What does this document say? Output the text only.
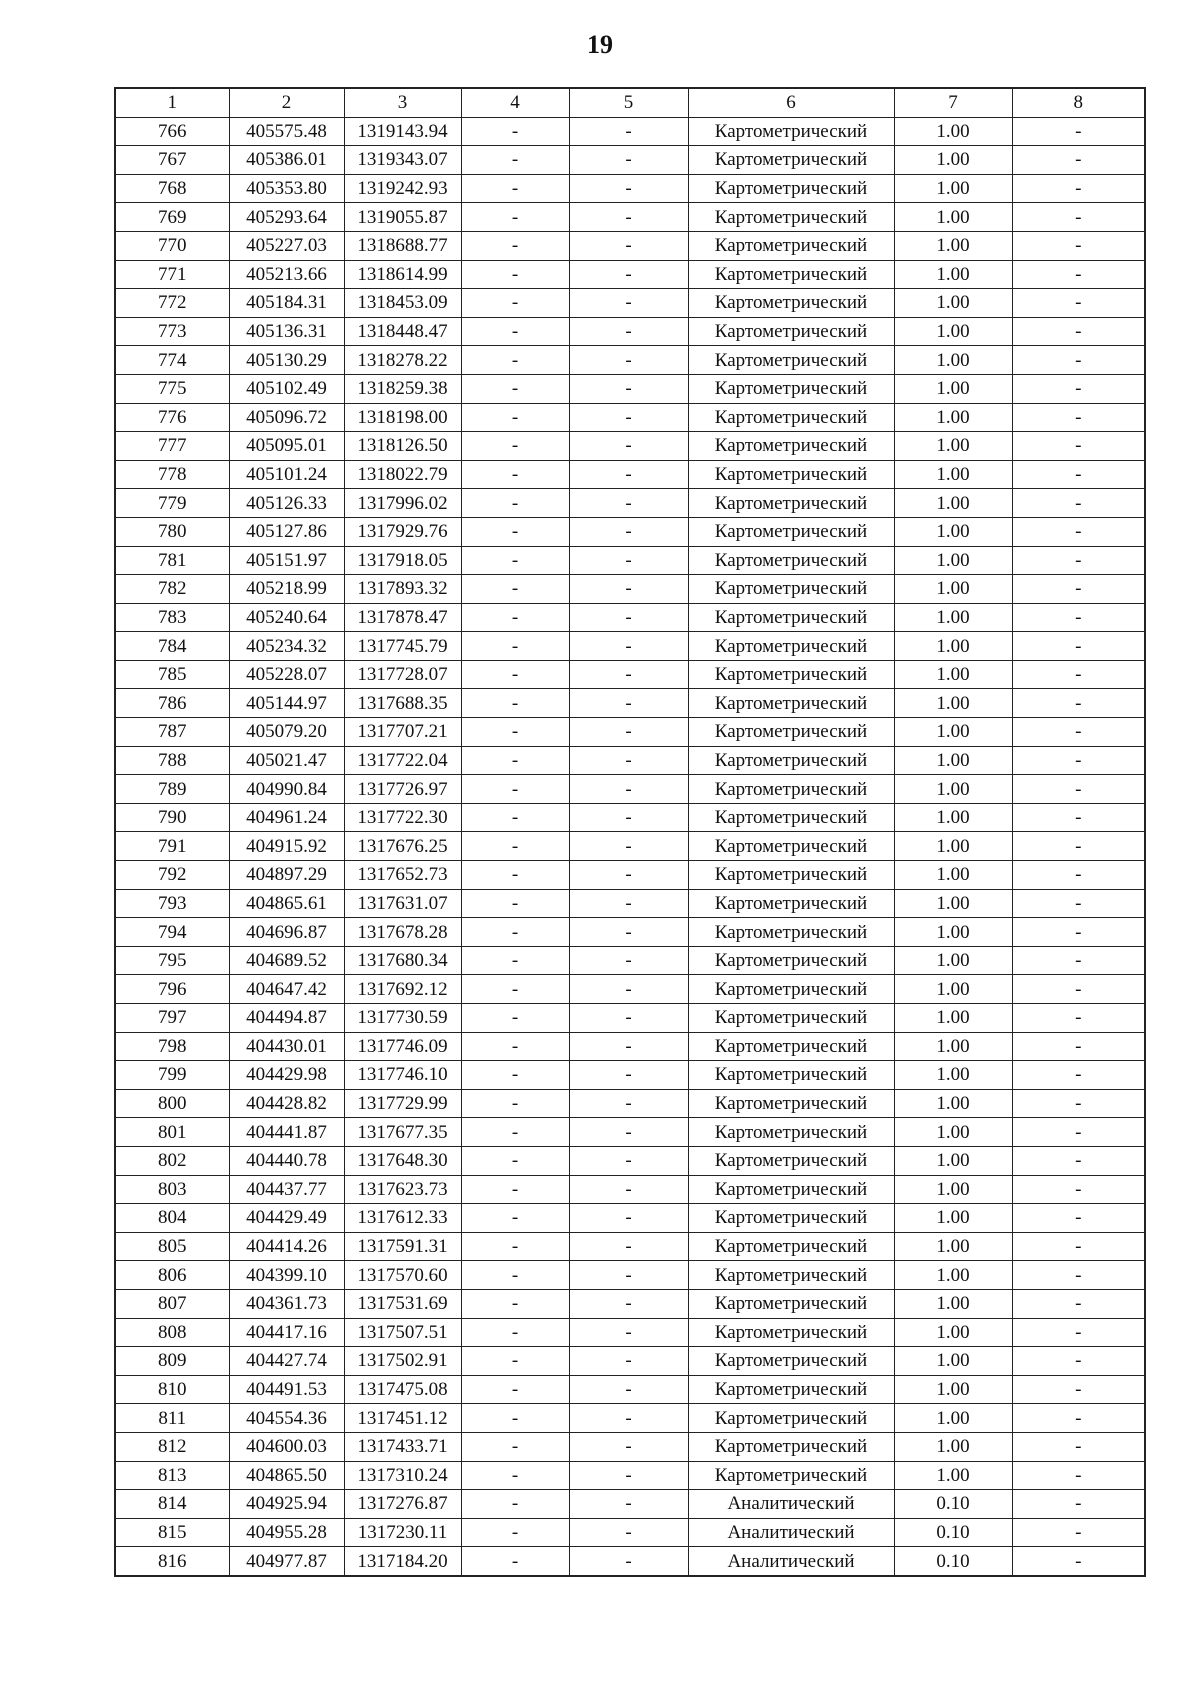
19
1	2	3	4	5	6	7	8
766	405575.48	1319143.94	-	-	Картометрический	1.00	-
767	405386.01	1319343.07	-	-	Картометрический	1.00	-
768	405353.80	1319242.93	-	-	Картометрический	1.00	-
769	405293.64	1319055.87	-	-	Картометрический	1.00	-
770	405227.03	1318688.77	-	-	Картометрический	1.00	-
771	405213.66	1318614.99	-	-	Картометрический	1.00	-
772	405184.31	1318453.09	-	-	Картометрический	1.00	-
773	405136.31	1318448.47	-	-	Картометрический	1.00	-
774	405130.29	1318278.22	-	-	Картометрический	1.00	-
775	405102.49	1318259.38	-	-	Картометрический	1.00	-
776	405096.72	1318198.00	-	-	Картометрический	1.00	-
777	405095.01	1318126.50	-	-	Картометрический	1.00	-
778	405101.24	1318022.79	-	-	Картометрический	1.00	-
779	405126.33	1317996.02	-	-	Картометрический	1.00	-
780	405127.86	1317929.76	-	-	Картометрический	1.00	-
781	405151.97	1317918.05	-	-	Картометрический	1.00	-
782	405218.99	1317893.32	-	-	Картометрический	1.00	-
783	405240.64	1317878.47	-	-	Картометрический	1.00	-
784	405234.32	1317745.79	-	-	Картометрический	1.00	-
785	405228.07	1317728.07	-	-	Картометрический	1.00	-
786	405144.97	1317688.35	-	-	Картометрический	1.00	-
787	405079.20	1317707.21	-	-	Картометрический	1.00	-
788	405021.47	1317722.04	-	-	Картометрический	1.00	-
789	404990.84	1317726.97	-	-	Картометрический	1.00	-
790	404961.24	1317722.30	-	-	Картометрический	1.00	-
791	404915.92	1317676.25	-	-	Картометрический	1.00	-
792	404897.29	1317652.73	-	-	Картометрический	1.00	-
793	404865.61	1317631.07	-	-	Картометрический	1.00	-
794	404696.87	1317678.28	-	-	Картометрический	1.00	-
795	404689.52	1317680.34	-	-	Картометрический	1.00	-
796	404647.42	1317692.12	-	-	Картометрический	1.00	-
797	404494.87	1317730.59	-	-	Картометрический	1.00	-
798	404430.01	1317746.09	-	-	Картометрический	1.00	-
799	404429.98	1317746.10	-	-	Картометрический	1.00	-
800	404428.82	1317729.99	-	-	Картометрический	1.00	-
801	404441.87	1317677.35	-	-	Картометрический	1.00	-
802	404440.78	1317648.30	-	-	Картометрический	1.00	-
803	404437.77	1317623.73	-	-	Картометрический	1.00	-
804	404429.49	1317612.33	-	-	Картометрический	1.00	-
805	404414.26	1317591.31	-	-	Картометрический	1.00	-
806	404399.10	1317570.60	-	-	Картометрический	1.00	-
807	404361.73	1317531.69	-	-	Картометрический	1.00	-
808	404417.16	1317507.51	-	-	Картометрический	1.00	-
809	404427.74	1317502.91	-	-	Картометрический	1.00	-
810	404491.53	1317475.08	-	-	Картометрический	1.00	-
811	404554.36	1317451.12	-	-	Картометрический	1.00	-
812	404600.03	1317433.71	-	-	Картометрический	1.00	-
813	404865.50	1317310.24	-	-	Картометрический	1.00	-
814	404925.94	1317276.87	-	-	Аналитический	0.10	-
815	404955.28	1317230.11	-	-	Аналитический	0.10	-
816	404977.87	1317184.20	-	-	Аналитический	0.10	-
